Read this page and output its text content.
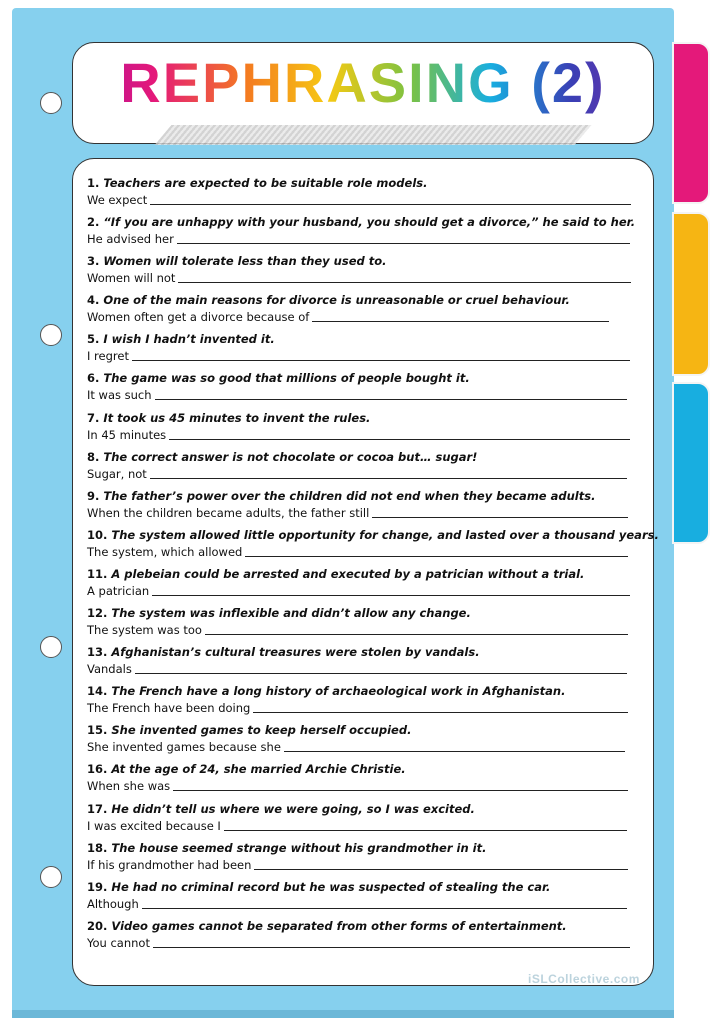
REPHRASING (2)
1. Teachers are expected to be suitable role models.
We expect
2. “If you are unhappy with your husband, you should get a divorce,” he said to her.
He advised her
3. Women will tolerate less than they used to.
Women will not
4. One of the main reasons for divorce is unreasonable or cruel behaviour.
Women often get a divorce because of
5. I wish I hadn’t invented it.
I regret
6. The game was so good that millions of people bought it.
It was such
7. It took us 45 minutes to invent the rules.
In 45 minutes
8. The correct answer is not chocolate or cocoa but… sugar!
Sugar, not
9. The father’s power over the children did not end when they became adults.
When the children became adults, the father still
10. The system allowed little opportunity for change, and lasted over a thousand years.
The system, which allowed
11. A plebeian could be arrested and executed by a patrician without a trial.
A patrician
12. The system was inflexible and didn’t allow any change.
The system was too
13. Afghanistan’s cultural treasures were stolen by vandals.
Vandals
14. The French have a long history of archaeological work in Afghanistan.
The French have been doing
15. She invented games to keep herself occupied.
She invented games because she
16. At the age of 24, she married Archie Christie.
When she was
17. He didn’t tell us where we were going, so I was excited.
I was excited because I
18. The house seemed strange without his grandmother in it.
If his grandmother had been
19. He had no criminal record but he was suspected of stealing the car.
Although
20. Video games cannot be separated from other forms of entertainment.
You cannot
iSLCollective.com
